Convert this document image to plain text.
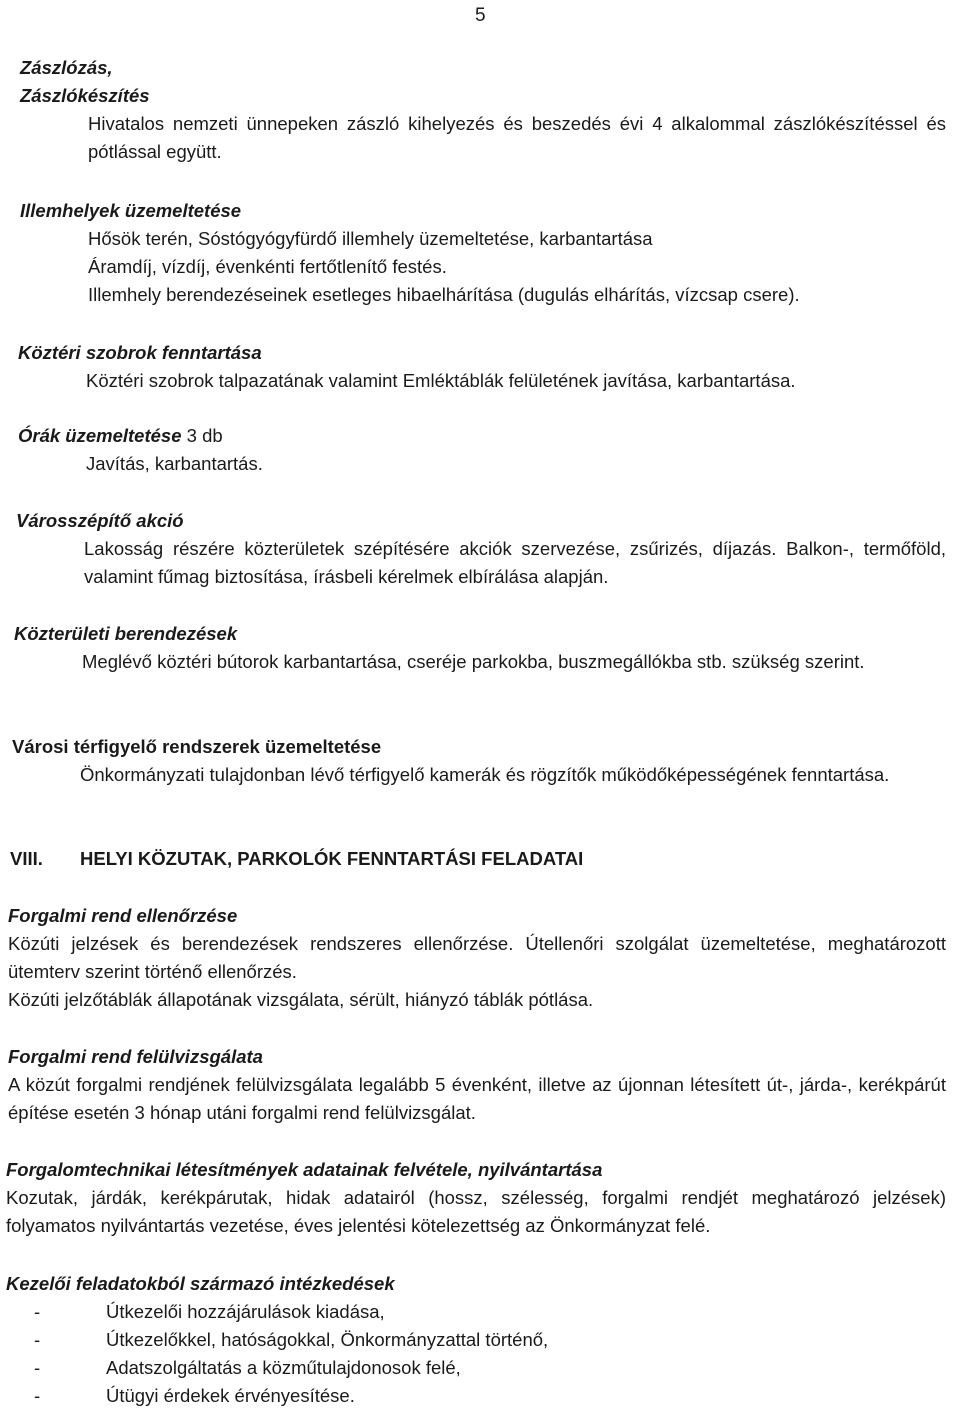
5

Zászlózás,

Zászlókészítés

Hivatalos nemzeti ünnepeken zászló kihelyezés és beszedés évi 4 alkalommal zászlókészítéssel és pótlással együtt.

Illemhelyek üzemeltetése

Hősök terén, Sóstógyógyfürdő illemhely üzemeltetése, karbantartása

Áramdíj, vízdíj, évenkénti fertőtlenítő festés.

Illemhely berendezéseinek esetleges hibaelhárítása (dugulás elhárítás, vízcsap csere).

Köztéri szobrok fenntartása

Köztéri szobrok talpazatának valamint Emléktáblák felületének javítása, karbantartása.

Órák üzemeltetése 3 db

Javítás, karbantartás.

Városszépítő akció

Lakosság részére közterületek szépítésére akciók szervezése, zsűrizés, díjazás. Balkon-, termőföld, valamint fűmag biztosítása, írásbeli kérelmek elbírálása alapján.

Közterületi berendezések

Meglévő köztéri bútorok karbantartása, cseréje parkokba, buszmegállókba stb. szükség szerint.

Városi térfigyelő rendszerek üzemeltetése

Önkormányzati tulajdonban lévő térfigyelő kamerák és rögzítők működőképességének fenntartása.

VIII.	HELYI KÖZUTAK, PARKOLÓK FENNTARTÁSI FELADATAI

Forgalmi rend ellenőrzése

Közúti jelzések és berendezések rendszeres ellenőrzése. Útellenőri szolgálat üzemeltetése, meghatározott ütemterv szerint történő ellenőrzés.

Közúti jelzőtáblák állapotának vizsgálata, sérült, hiányzó táblák pótlása.

Forgalmi rend felülvizsgálata

A közút forgalmi rendjének felülvizsgálata legalább 5 évenként, illetve az újonnan létesített út-, járda-, kerékpárút építése esetén 3 hónap utáni forgalmi rend felülvizsgálat.

Forgalomtechnikai létesítmények adatainak felvétele, nyilvántartása

Kozutak, járdák, kerékpárutak, hidak adatairól (hossz, szélesség, forgalmi rendjét meghatározó jelzések) folyamatos nyilvántartás vezetése, éves jelentési kötelezettség az Önkormányzat felé.

Kezelői feladatokból származó intézkedések

-	Útkezelői hozzájárulások kiadása,
-	Útkezelőkkel, hatóságokkal, Önkormányzattal történő,
-	Adatszolgáltatás a közműtulajdonosok felé,
-	Útügyi érdekek érvényesítése.
